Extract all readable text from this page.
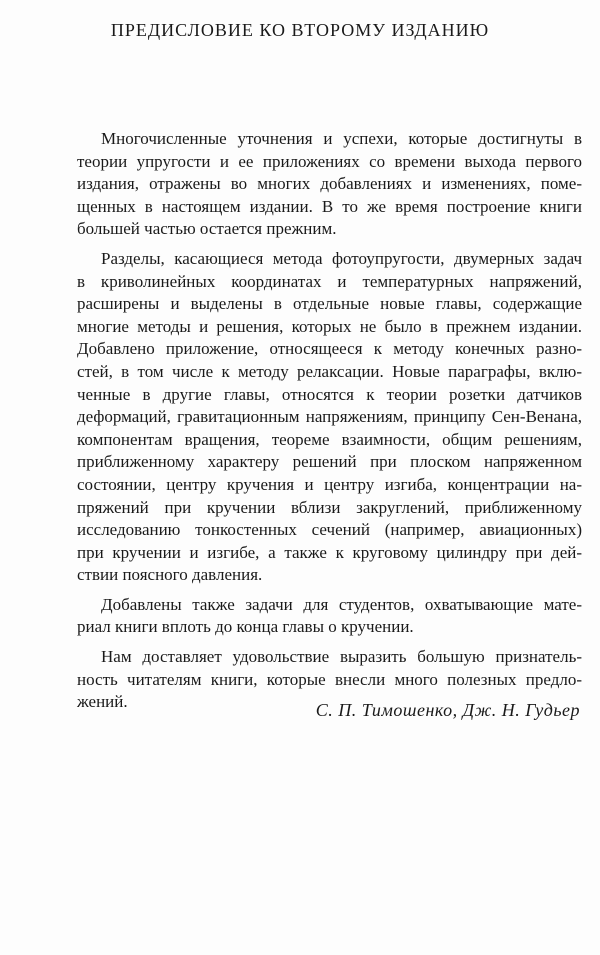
ПРЕДИСЛОВИЕ КО ВТОРОМУ ИЗДАНИЮ
Многочисленные уточнения и успехи, которые достигнуты в
теории упругости и ее приложениях со времени выхода первого
издания, отражены во многих добавлениях и изменениях, поме-
щенных в настоящем издании. В то же время построение книги
большей частью остается прежним.
Разделы, касающиеся метода фотоупругости, двумерных задач
в криволинейных координатах и температурных напряжений,
расширены и выделены в отдельные новые главы, содержащие
многие методы и решения, которых не было в прежнем издании.
Добавлено приложение, относящееся к методу конечных разно-
стей, в том числе к методу релаксации. Новые параграфы, вклю-
ченные в другие главы, относятся к теории розетки датчиков
деформаций, гравитационным напряжениям, принципу Сен-Венана,
компонентам вращения, теореме взаимности, общим решениям,
приближенному характеру решений при плоском напряженном
состоянии, центру кручения и центру изгиба, концентрации на-
пряжений при кручении вблизи закруглений, приближенному
исследованию тонкостенных сечений (например, авиационных)
при кручении и изгибе, а также к круговому цилиндру при дей-
ствии поясного давления.
Добавлены также задачи для студентов, охватывающие мате-
риал книги вплоть до конца главы о кручении.
Нам доставляет удовольствие выразить большую признатель-
ность читателям книги, которые внесли много полезных предло-
жений.	С. П. Тимошенко, Дж. Н. Гудьер
